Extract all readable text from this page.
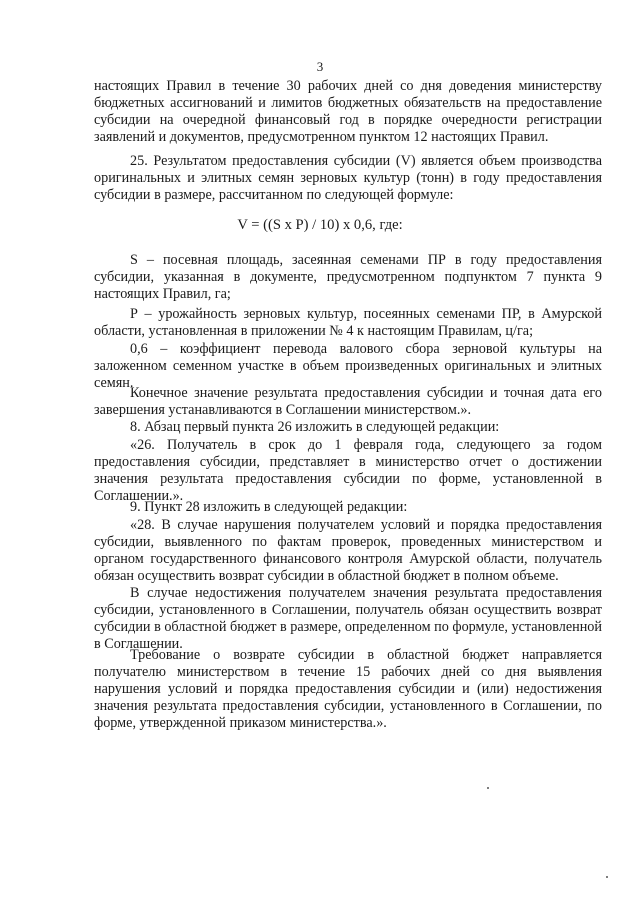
3

настоящих Правил в течение 30 рабочих дней со дня доведения министерству бюджетных ассигнований и лимитов бюджетных обязательств на предоставление субсидии на очередной финансовый год в порядке очередности регистрации заявлений и документов, предусмотренном пунктом 12 настоящих Правил.

25. Результатом предоставления субсидии (V) является объем производства оригинальных и элитных семян зерновых культур (тонн) в году предоставления субсидии в размере, рассчитанном по следующей формуле:

V = ((S x P) / 10) x 0,6, где:

S – посевная площадь, засеянная семенами ПР в году предоставления субсидии, указанная в документе, предусмотренном подпунктом 7 пункта 9 настоящих Правил, га;

Р – урожайность зерновых культур, посеянных семенами ПР, в Амурской области, установленная в приложении № 4 к настоящим Правилам, ц/га;

0,6 – коэффициент перевода валового сбора зерновой культуры на заложенном семенном участке в объем произведенных оригинальных и элитных семян.

Конечное значение результата предоставления субсидии и точная дата его завершения устанавливаются в Соглашении министерством.».

8. Абзац первый пункта 26 изложить в следующей редакции:

«26. Получатель в срок до 1 февраля года, следующего за годом предоставления субсидии, представляет в министерство отчет о достижении значения результата предоставления субсидии по форме, установленной в Соглашении.».

9. Пункт 28 изложить в следующей редакции:

«28. В случае нарушения получателем условий и порядка предоставления субсидии, выявленного по фактам проверок, проведенных министерством и органом государственного финансового контроля Амурской области, получатель обязан осуществить возврат субсидии в областной бюджет в полном объеме.

В случае недостижения получателем значения результата предоставления субсидии, установленного в Соглашении, получатель обязан осуществить возврат субсидии в областной бюджет в размере, определенном по формуле, установленной в Соглашении.

Требование о возврате субсидии в областной бюджет направляется получателю министерством в течение 15 рабочих дней со дня выявления нарушения условий и порядка предоставления субсидии и (или) недостижения значения результата предоставления субсидии, установленного в Соглашении, по форме, утвержденной приказом министерства.».
